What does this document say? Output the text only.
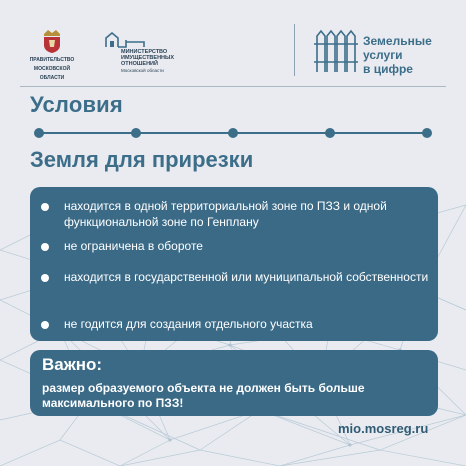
ПРАВИТЕЛЬСТВО
МОСКОВСКОЙ
ОБЛАСТИ
МИНИСТЕРСТВО
ИМУЩЕСТВЕННЫХ
ОТНОШЕНИЙ
Московской области
Земельные
услуги
в цифре
Условия
Земля для прирезки
находится в одной территориальной зоне по ПЗЗ и одной функциональной зоне по Генплану
не ограничена в обороте
находится в государственной или муниципальной собственности
не годится для создания отдельного участка
Важно:
размер образуемого объекта не должен быть больше максимального по ПЗЗ!
mio.mosreg.ru
